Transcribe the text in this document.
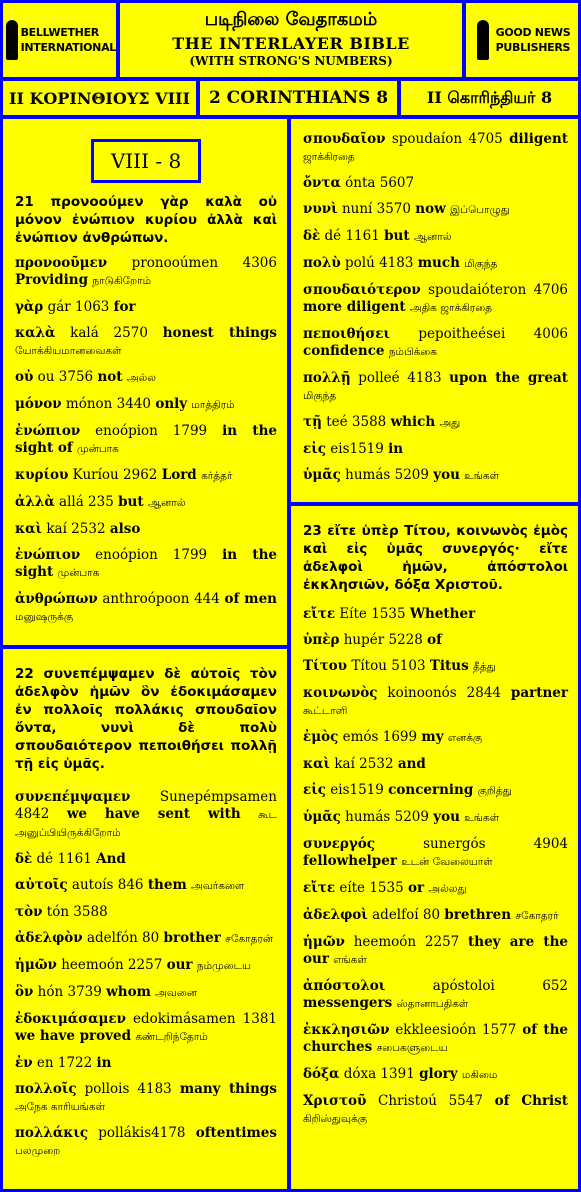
BELLWETHER
INTERNATIONAL
படிநிலை வேதாகமம்
THE INTERLAYER BIBLE
(WITH STRONG'S NUMBERS)
GOOD NEWS
PUBLISHERS
II ΚΟΡΙΝΘΙΟΥΣ VIII	2 CORINTHIANS 8	II கொரிந்தியர் 8
VIII - 8
21 προνοούμεν γὰρ καλὰ οὐ μόνον ἐνώπιον κυρίου ἀλλὰ καὶ ἐνώπιον ἀνθρώπων.
προνοοῦμεν pronooúmen 4306 Providing நாடுகிறோம்
γὰρ gár 1063 for
καλὰ kalá 2570 honest things யோக்கியமானவைகள்
οὐ ou 3756 not அல்ல
μόνον mónon 3440 only மாத்திரம்
ἐνώπιον enoópion 1799 in the sight of முன்பாக
κυρίου Kuríou 2962 Lord கர்த்தர்
ἀλλὰ allá 235 but ஆனால்
καὶ kaí 2532 also
ἐνώπιον enoópion 1799 in the sight முன்பாக
ἀνθρώπων anthroópoon 444 of men மனுஷருக்கு
22 συνεπέμψαμεν δὲ αὐτοῖς τὸν ἀδελφὸν ἡμῶν ὃν ἐδοκιμάσαμεν ἐν πολλοῖς πολλάκις σπουδαῖον ὄντα, νυνὶ δὲ πολὺ σπουδαιότερον πεποιθήσει πολλῇ τῇ εἰς ὑμᾶς.
συνεπέμψαμεν Sunepémpsamen 4842 we have sent with கூட அனுப்பியிருக்கிறோம்
δὲ dé 1161 And
αὐτοῖς autoís 846 them அவர்களை
τὸν tón 3588
ἀδελφὸν adelfón 80 brother சகோதரன்
ἡμῶν heemoón 2257 our நம்முடைய
ὃν hón 3739 whom அவனை
ἐδοκιμάσαμεν edokimásamen 1381 we have proved கண்டறிந்தோம்
ἐν en 1722 in
πολλοῖς pollois 4183 many things அநேக காரியங்கள்
πολλάκις pollákis4178 oftentimes பலமுறை
σπουδαῖον spoudaíon 4705 diligent ஜாக்கிரதை
ὄντα ónta 5607
νυνὶ nuní 3570 now இப்பொழுது
δὲ dé 1161 but ஆனால்
πολὺ polú 4183 much மிகுந்த
σπουδαιότερον spoudaióteron 4706 more diligent அதிக ஜாக்கிரதை
πεποιθήσει pepoitheései 4006 confidence நம்பிக்கை
πολλῇ polleé 4183 upon the great மிகுந்த
τῇ teé 3588 which அது
εἰς eis1519 in
ὑμᾶς humás 5209 you உங்கள்
23 εἴτε ὑπὲρ Τίτου, κοινωνὸς ἐμὸς καὶ εἰς ὑμᾶς συνεργός· εἴτε ἀδελφοὶ ἡμῶν, ἀπόστολοι ἐκκλησιῶν, δόξα Χριστοῦ.
εἴτε Eíte 1535 Whether
ὑπὲρ hupér 5228 of
Τίτου Títou 5103 Titus தீத்து
κοινωνὸς koinoonós 2844 partner கூட்டாளி
ἐμὸς emós 1699 my எனக்கு
καὶ kaí 2532 and
εἰς eis1519 concerning குறித்து
ὑμᾶς humás 5209 you உங்கள்
συνεργός	sunergós 4904 fellowhelper உடன் வேலையாள்
εἴτε eíte 1535 or அல்லது
ἀδελφοὶ adelfoí 80 brethren சகோதரர்
ἡμῶν heemoón 2257 they are the our எங்கள்
ἀπόστολοι	apóstoloi 652 messengers ஸ்தானாபதிகள்
ἐκκλησιῶν ekkleesioón 1577 of the churches சபைகளுடைய
δόξα dóxa 1391 glory மகிமை
Χριστοῦ Christoú 5547 of Christ கிறிஸ்துவுக்கு
